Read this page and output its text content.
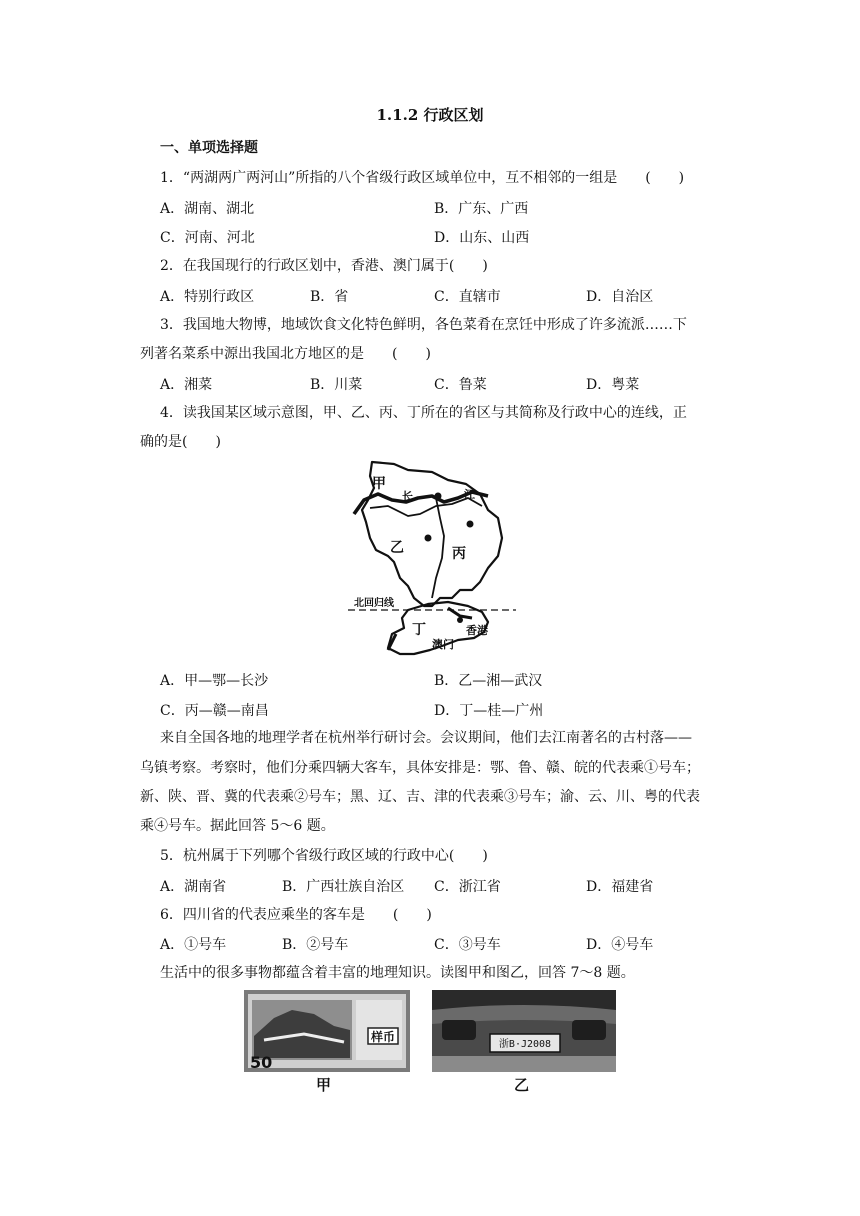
1.1.2 行政区划
一、单项选择题
1．“两湖两广两河山”所指的八个省级行政区域单位中，互不相邻的一组是　　(　　)
A．湖南、湖北	B．广东、广西
C．河南、河北	D．山东、山西
2．在我国现行的行政区划中，香港、澳门属于(　　)
A．特别行政区	B．省	C．直辖市	D．自治区
3．我国地大物博，地域饮食文化特色鲜明，各色菜肴在烹饪中形成了许多流派……下
列著名菜系中源出我国北方地区的是　　(　　)
A．湘菜	B．川菜	C．鲁菜	D．粤菜
4．读我国某区域示意图，甲、乙、丙、丁所在的省区与其简称及行政中心的连线，正
确的是(　　)
甲
长	江
乙	丙
北回归线
丁	香港
澳门
A．甲—鄂—长沙	B．乙—湘—武汉
C．丙—赣—南昌	D．丁—桂—广州
来自全国各地的地理学者在杭州举行研讨会。会议期间，他们去江南著名的古村落——
乌镇考察。考察时，他们分乘四辆大客车，具体安排是：鄂、鲁、赣、皖的代表乘①号车；
新、陕、晋、冀的代表乘②号车；黑、辽、吉、津的代表乘③号车；渝、云、川、粤的代表
乘④号车。据此回答 5～6 题。
5．杭州属于下列哪个省级行政区域的行政中心(　　)
A．湖南省	B．广西壮族自治区 C．浙江省	D．福建省
6．四川省的代表应乘坐的客车是　　(　　)
A．①号车	B．②号车	C．③号车	D．④号车
生活中的很多事物都蕴含着丰富的地理知识。读图甲和图乙，回答 7～8 题。
样币
50
甲
浙B·J2008
乙
